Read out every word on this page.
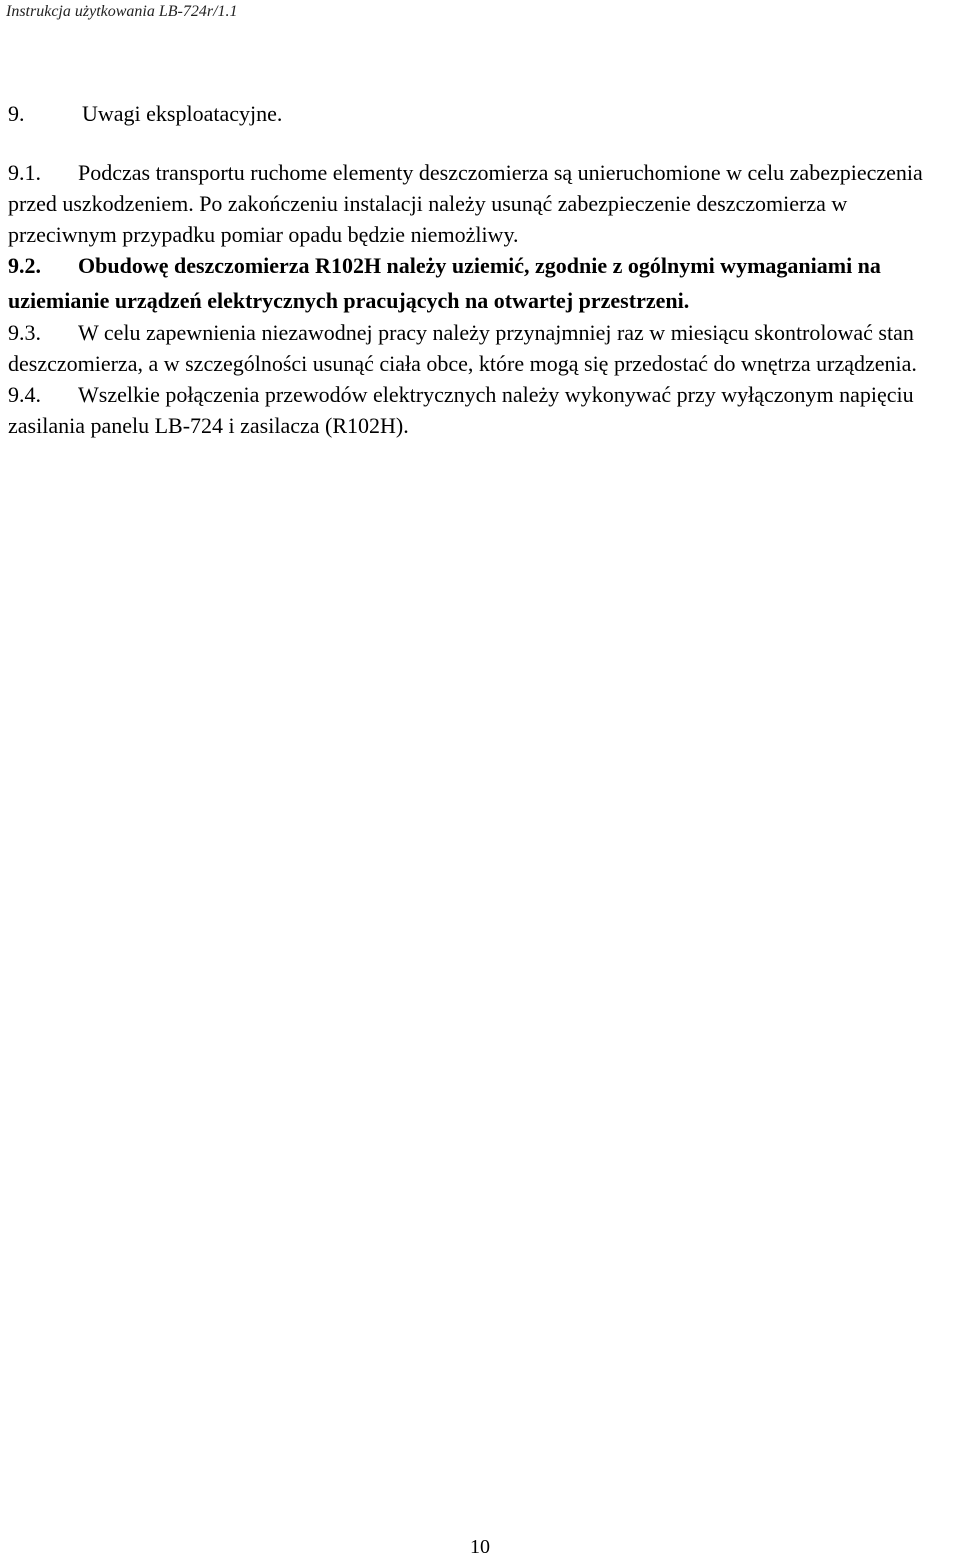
Instrukcja użytkowania LB-724r/1.1
9.	Uwagi eksploatacyjne.

9.1. Podczas transportu ruchome elementy deszczomierza są unieruchomione w celu zabezpieczenia przed uszkodzeniem. Po zakończeniu instalacji należy usunąć zabezpieczenie deszczomierza w przeciwnym przypadku pomiar opadu będzie niemożliwy.

9.2. Obudowę deszczomierza R102H należy uziemić, zgodnie z ogólnymi wymaganiami na uziemianie urządzeń elektrycznych pracujących na otwartej przestrzeni.

9.3. W celu zapewnienia niezawodnej pracy należy przynajmniej raz w miesiącu skontrolować stan deszczomierza, a w szczególności usunąć ciała obce, które mogą się przedostać do wnętrza urządzenia.

9.4. Wszelkie połączenia przewodów elektrycznych należy wykonywać przy wyłączonym napięciu zasilania panelu LB-724 i zasilacza (R102H).

10
